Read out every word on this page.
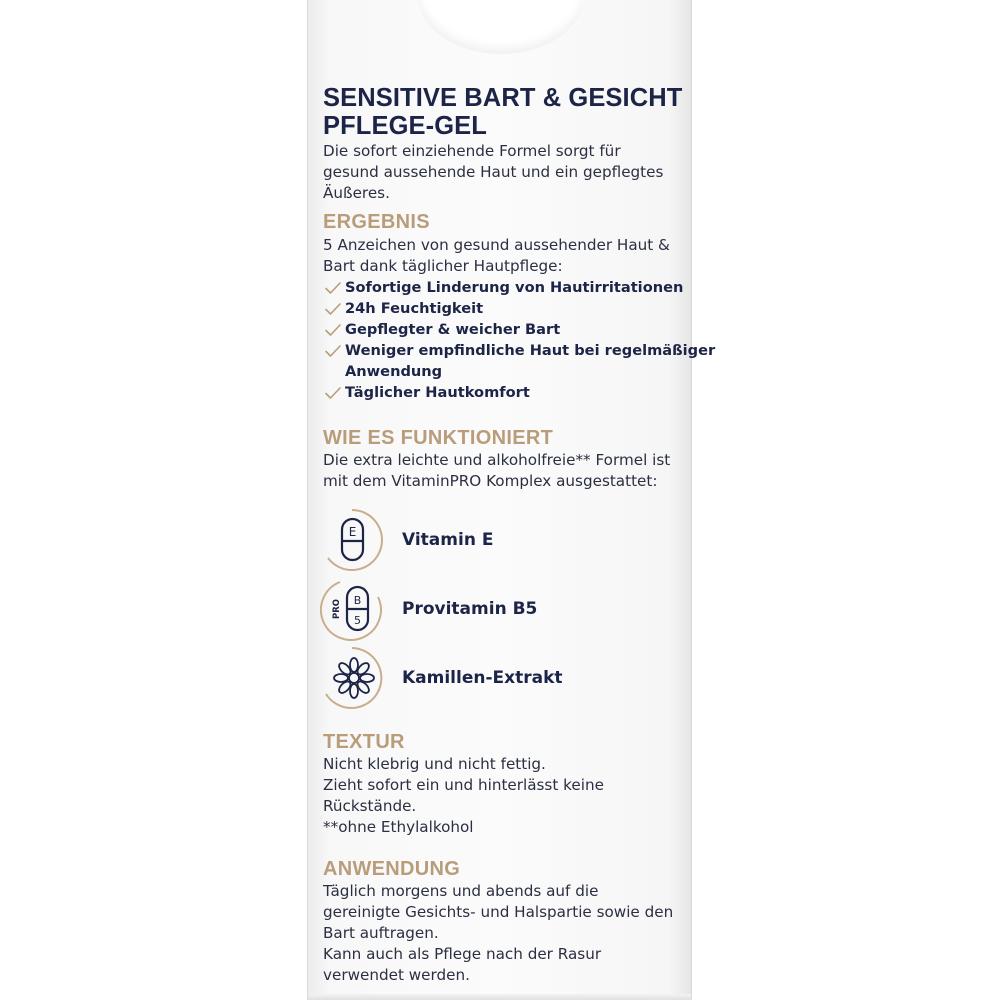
SENSITIVE BART & GESICHT
PFLEGE-GEL
Die sofort einziehende Formel sorgt für
gesund aussehende Haut und ein gepflegtes
Äußeres.
ERGEBNIS
5 Anzeichen von gesund aussehender Haut &
Bart dank täglicher Hautpflege:
Sofortige Linderung von Hautirritationen
24h Feuchtigkeit
Gepflegter & weicher Bart
Weniger empfindliche Haut bei regelmäßiger
Anwendung
Täglicher Hautkomfort
WIE ES FUNKTIONIERT
Die extra leichte und alkoholfreie** Formel ist
mit dem VitaminPRO Komplex ausgestattet:
E	Vitamin E
B
5
PRO	Provitamin B5
Kamillen-Extrakt
TEXTUR
Nicht klebrig und nicht fettig.
Zieht sofort ein und hinterlässt keine
Rückstände.
**ohne Ethylalkohol
ANWENDUNG
Täglich morgens und abends auf die
gereinigte Gesichts- und Halspartie sowie den
Bart auftragen.
Kann auch als Pflege nach der Rasur
verwendet werden.
